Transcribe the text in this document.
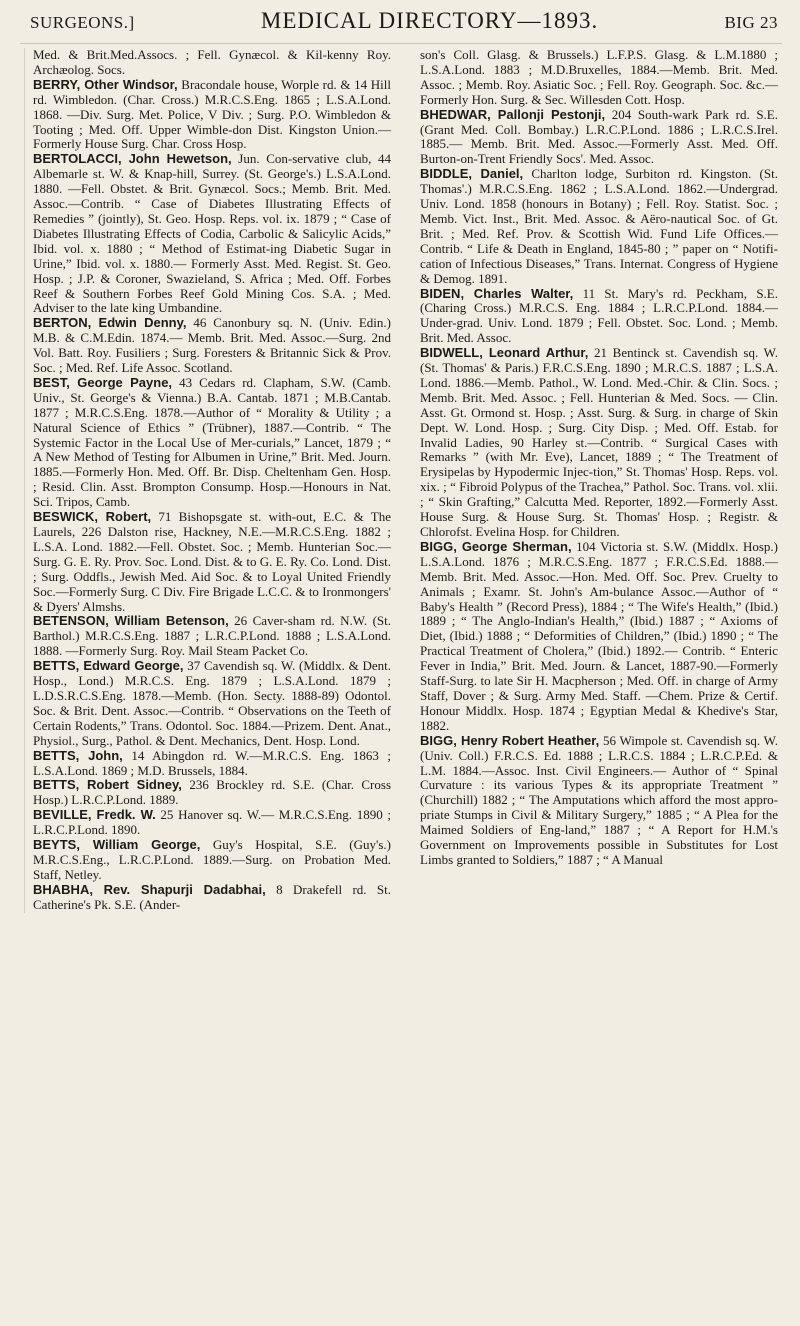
SURGEONS.]	MEDICAL DIRECTORY—1893.	BIG 23

Med. & Brit.Med.Assocs. ; Fell. Gynæcol. & Kil-kenny Roy. Archæolog. Socs.

BERRY, Other Windsor, Bracondale house, Worple rd. & 14 Hill rd. Wimbledon. (Char. Cross.) M.R.C.S.Eng. 1865 ; L.S.A.Lond. 1868. —Div. Surg. Met. Police, V Div. ; Surg. P.O. Wimbledon & Tooting ; Med. Off. Upper Wimble-don Dist. Kingston Union.—Formerly House Surg. Char. Cross Hosp.

BERTOLACCI, John Hewetson, Jun. Con-servative club, 44 Albemarle st. W. & Knap-hill, Surrey. (St. George's.) L.S.A.Lond. 1880. —Fell. Obstet. & Brit. Gynæcol. Socs.; Memb. Brit. Med. Assoc.—Contrib. “ Case of Diabetes Illustrating Effects of Remedies ” (jointly), St. Geo. Hosp. Reps. vol. ix. 1879 ; “ Case of Diabetes Illustrating Effects of Codia, Carbolic & Salicylic Acids,” Ibid. vol. x. 1880 ; “ Method of Estimat-ing Diabetic Sugar in Urine,” Ibid. vol. x. 1880.— Formerly Asst. Med. Regist. St. Geo. Hosp. ; J.P. & Coroner, Swazieland, S. Africa ; Med. Off. Forbes Reef & Southern Forbes Reef Gold Mining Cos. S.A. ; Med. Adviser to the late king Umbandine.

BERTON, Edwin Denny, 46 Canonbury sq. N. (Univ. Edin.) M.B. & C.M.Edin. 1874.— Memb. Brit. Med. Assoc.—Surg. 2nd Vol. Batt. Roy. Fusiliers ; Surg. Foresters & Britannic Sick & Prov. Soc. ; Med. Ref. Life Assoc. Scotland.

BEST, George Payne, 43 Cedars rd. Clapham, S.W. (Camb. Univ., St. George's & Vienna.) B.A. Cantab. 1871 ; M.B.Cantab. 1877 ; M.R.C.S.Eng. 1878.—Author of “ Morality & Utility ; a Natural Science of Ethics ” (Trübner), 1887.—Contrib. “ The Systemic Factor in the Local Use of Mer-curials,” Lancet, 1879 ; “ A New Method of Testing for Albumen in Urine,” Brit. Med. Journ. 1885.—Formerly Hon. Med. Off. Br. Disp. Cheltenham Gen. Hosp. ; Resid. Clin. Asst. Brompton Consump. Hosp.—Honours in Nat. Sci. Tripos, Camb.

BESWICK, Robert, 71 Bishopsgate st. with-out, E.C. & The Laurels, 226 Dalston rise, Hackney, N.E.—M.R.C.S.Eng. 1882 ; L.S.A. Lond. 1882.—Fell. Obstet. Soc. ; Memb. Hunterian Soc.—Surg. G. E. Ry. Prov. Soc. Lond. Dist. & to G. E. Ry. Co. Lond. Dist. ; Surg. Oddfls., Jewish Med. Aid Soc. & to Loyal United Friendly Soc.—Formerly Surg. C Div. Fire Brigade L.C.C. & to Ironmongers' & Dyers' Almshs.

BETENSON, William Betenson, 26 Caver-sham rd. N.W. (St. Barthol.) M.R.C.S.Eng. 1887 ; L.R.C.P.Lond. 1888 ; L.S.A.Lond. 1888. —Formerly Surg. Roy. Mail Steam Packet Co.

BETTS, Edward George, 37 Cavendish sq. W. (Middlx. & Dent. Hosp., Lond.) M.R.C.S. Eng. 1879 ; L.S.A.Lond. 1879 ; L.D.S.R.C.S.Eng. 1878.—Memb. (Hon. Secty. 1888-89) Odontol. Soc. & Brit. Dent. Assoc.—Contrib. “ Observations on the Teeth of Certain Rodents,” Trans. Odontol. Soc. 1884.—Prizem. Dent. Anat., Physiol., Surg., Pathol. & Dent. Mechanics, Dent. Hosp. Lond.

BETTS, John, 14 Abingdon rd. W.—M.R.C.S. Eng. 1863 ; L.S.A.Lond. 1869 ; M.D. Brussels, 1884.

BETTS, Robert Sidney, 236 Brockley rd. S.E. (Char. Cross Hosp.) L.R.C.P.Lond. 1889.

BEVILLE, Fredk. W. 25 Hanover sq. W.— M.R.C.S.Eng. 1890 ; L.R.C.P.Lond. 1890.

BEYTS, William George, Guy's Hospital, S.E. (Guy's.) M.R.C.S.Eng., L.R.C.P.Lond. 1889.—Surg. on Probation Med. Staff, Netley.

BHABHA, Rev. Shapurji Dadabhai, 8 Drakefell rd. St. Catherine's Pk. S.E. (Ander-

son's Coll. Glasg. & Brussels.) L.F.P.S. Glasg. & L.M.1880 ; L.S.A.Lond. 1883 ; M.D.Bruxelles, 1884.—Memb. Brit. Med. Assoc. ; Memb. Roy. Asiatic Soc. ; Fell. Roy. Geograph. Soc. &c.— Formerly Hon. Surg. & Sec. Willesden Cott. Hosp.

BHEDWAR, Pallonji Pestonji, 204 South-wark Park rd. S.E. (Grant Med. Coll. Bombay.) L.R.C.P.Lond. 1886 ; L.R.C.S.Irel. 1885.— Memb. Brit. Med. Assoc.—Formerly Asst. Med. Off. Burton-on-Trent Friendly Socs'. Med. Assoc.

BIDDLE, Daniel, Charlton lodge, Surbiton rd. Kingston. (St. Thomas'.) M.R.C.S.Eng. 1862 ; L.S.A.Lond. 1862.—Undergrad. Univ. Lond. 1858 (honours in Botany) ; Fell. Roy. Statist. Soc. ; Memb. Vict. Inst., Brit. Med. Assoc. & Aëro-nautical Soc. of Gt. Brit. ; Med. Ref. Prov. & Scottish Wid. Fund Life Offices.—Contrib. “ Life & Death in England, 1845-80 ; ” paper on “ Notifi-cation of Infectious Diseases,” Trans. Internat. Congress of Hygiene & Demog. 1891.

BIDEN, Charles Walter, 11 St. Mary's rd. Peckham, S.E. (Charing Cross.) M.R.C.S. Eng. 1884 ; L.R.C.P.Lond. 1884.—Under-grad. Univ. Lond. 1879 ; Fell. Obstet. Soc. Lond. ; Memb. Brit. Med. Assoc.

BIDWELL, Leonard Arthur, 21 Bentinck st. Cavendish sq. W. (St. Thomas' & Paris.) F.R.C.S.Eng. 1890 ; M.R.C.S. 1887 ; L.S.A. Lond. 1886.—Memb. Pathol., W. Lond. Med.-Chir. & Clin. Socs. ; Memb. Brit. Med. Assoc. ; Fell. Hunterian & Med. Socs. — Clin. Asst. Gt. Ormond st. Hosp. ; Asst. Surg. & Surg. in charge of Skin Dept. W. Lond. Hosp. ; Surg. City Disp. ; Med. Off. Estab. for Invalid Ladies, 90 Harley st.—Contrib. “ Surgical Cases with Remarks ” (with Mr. Eve), Lancet, 1889 ; “ The Treatment of Erysipelas by Hypodermic Injec-tion,” St. Thomas' Hosp. Reps. vol. xix. ; “ Fibroid Polypus of the Trachea,” Pathol. Soc. Trans. vol. xlii. ; “ Skin Grafting,” Calcutta Med. Reporter, 1892.—Formerly Asst. House Surg. & House Surg. St. Thomas' Hosp. ; Registr. & Chlorofst. Evelina Hosp. for Children.

BIGG, George Sherman, 104 Victoria st. S.W. (Middlx. Hosp.) L.S.A.Lond. 1876 ; M.R.C.S.Eng. 1877 ; F.R.C.S.Ed. 1888.—Memb. Brit. Med. Assoc.—Hon. Med. Off. Soc. Prev. Cruelty to Animals ; Examr. St. John's Am-bulance Assoc.—Author of “ Baby's Health ” (Record Press), 1884 ; “ The Wife's Health,” (Ibid.) 1889 ; “ The Anglo-Indian's Health,” (Ibid.) 1887 ; “ Axioms of Diet, (Ibid.) 1888 ; “ Deformities of Children,” (Ibid.) 1890 ; “ The Practical Treatment of Cholera,” (Ibid.) 1892.— Contrib. “ Enteric Fever in India,” Brit. Med. Journ. & Lancet, 1887-90.—Formerly Staff-Surg. to late Sir H. Macpherson ; Med. Off. in charge of Army Staff, Dover ; & Surg. Army Med. Staff. —Chem. Prize & Certif. Honour Middlx. Hosp. 1874 ; Egyptian Medal & Khedive's Star, 1882.

BIGG, Henry Robert Heather, 56 Wimpole st. Cavendish sq. W. (Univ. Coll.) F.R.C.S. Ed. 1888 ; L.R.C.S. 1884 ; L.R.C.P.Ed. & L.M. 1884.—Assoc. Inst. Civil Engineers.— Author of “ Spinal Curvature : its various Types & its appropriate Treatment ” (Churchill) 1882 ; “ The Amputations which afford the most appro-priate Stumps in Civil & Military Surgery,” 1885 ; “ A Plea for the Maimed Soldiers of Eng-land,” 1887 ; “ A Report for H.M.'s Government on Improvements possible in Substitutes for Lost Limbs granted to Soldiers,” 1887 ; “ A Manual
